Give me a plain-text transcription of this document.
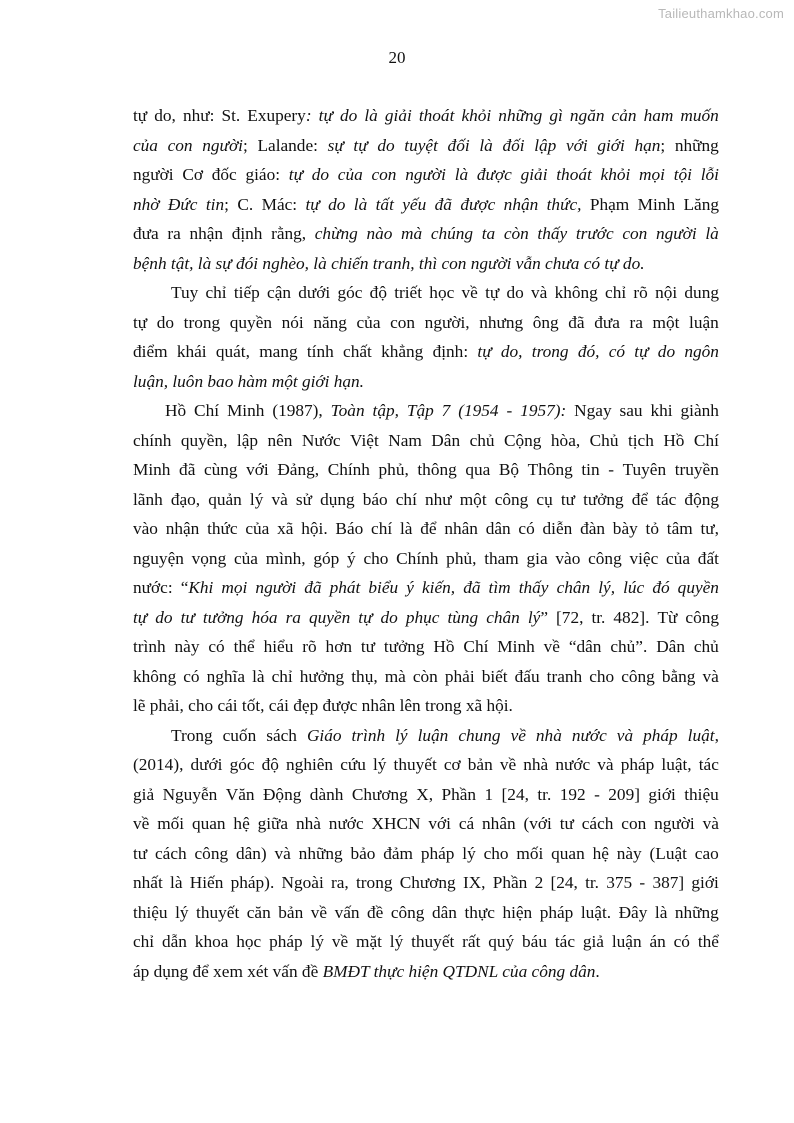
Tailieuthamkhao.com
20
tự do, như: St. Exupery: tự do là giải thoát khỏi những gì ngăn cản ham muốn
của con người; Lalande: sự tự do tuyệt đối là đối lập với giới hạn; những
người Cơ đốc giáo: tự do của con người là được giải thoát khỏi mọi tội lỗi
nhờ Đức tin; C. Mác: tự do là tất yếu đã được nhận thức, Phạm Minh Lăng
đưa ra nhận định rằng, chừng nào mà chúng ta còn thấy trước con người là
bệnh tật, là sự đói nghèo, là chiến tranh, thì con người vẫn chưa có tự do.
Tuy chỉ tiếp cận dưới góc độ triết học về tự do và không chỉ rõ nội dung
tự do trong quyền nói năng của con người, nhưng ông đã đưa ra một luận
điểm khái quát, mang tính chất khẳng định: tự do, trong đó, có tự do ngôn
luận, luôn bao hàm một giới hạn.
Hồ Chí Minh (1987), Toàn tập, Tập 7 (1954 - 1957): Ngay sau khi giành
chính quyền, lập nên Nước Việt Nam Dân chủ Cộng hòa, Chủ tịch Hồ Chí
Minh đã cùng với Đảng, Chính phủ, thông qua Bộ Thông tin - Tuyên truyền
lãnh đạo, quản lý và sử dụng báo chí như một công cụ tư tưởng để tác động
vào nhận thức của xã hội. Báo chí là để nhân dân có diễn đàn bày tỏ tâm tư,
nguyện vọng của mình, góp ý cho Chính phủ, tham gia vào công việc của đất
nước: “Khi mọi người đã phát biểu ý kiến, đã tìm thấy chân lý, lúc đó quyền
tự do tư tưởng hóa ra quyền tự do phục tùng chân lý” [72, tr. 482]. Từ công
trình này có thể hiểu rõ hơn tư tưởng Hồ Chí Minh về “dân chủ”. Dân chủ
không có nghĩa là chỉ hưởng thụ, mà còn phải biết đấu tranh cho công bằng và
lẽ phải, cho cái tốt, cái đẹp được nhân lên trong xã hội.
Trong cuốn sách Giáo trình lý luận chung về nhà nước và pháp luật,
(2014), dưới góc độ nghiên cứu lý thuyết cơ bản về nhà nước và pháp luật, tác
giả Nguyễn Văn Động dành Chương X, Phần 1 [24, tr. 192 - 209] giới thiệu
về mối quan hệ giữa nhà nước XHCN với cá nhân (với tư cách con người và
tư cách công dân) và những bảo đảm pháp lý cho mối quan hệ này (Luật cao
nhất là Hiến pháp). Ngoài ra, trong Chương IX, Phần 2 [24, tr. 375 - 387] giới
thiệu lý thuyết căn bản về vấn đề công dân thực hiện pháp luật. Đây là những
chỉ dẫn khoa học pháp lý về mặt lý thuyết rất quý báu tác giả luận án có thể
áp dụng để xem xét vấn đề BMĐT thực hiện QTDNL của công dân.
